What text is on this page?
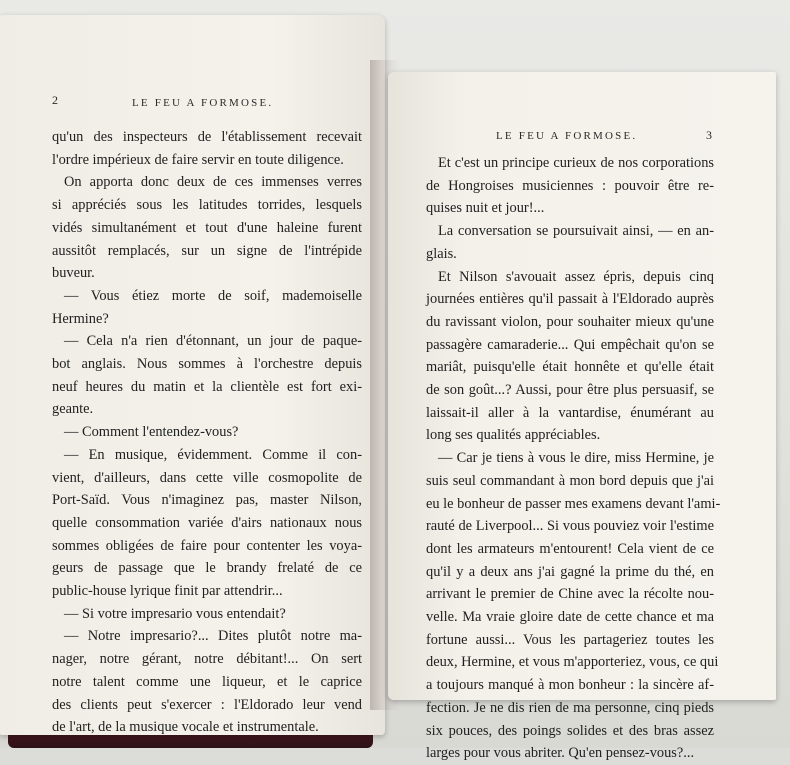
2	LE FEU A FORMOSE.
qu'un des inspecteurs de l'établissement recevait
l'ordre impérieux de faire servir en toute diligence.
On apporta donc deux de ces immenses verres
si appréciés sous les latitudes torrides, lesquels
vidés simultanément et tout d'une haleine furent
aussitôt remplacés, sur un signe de l'intrépide
buveur.
— Vous étiez morte de soif, mademoiselle
Hermine?
— Cela n'a rien d'étonnant, un jour de paque-
bot anglais. Nous sommes à l'orchestre depuis
neuf heures du matin et la clientèle est fort exi-
geante.
— Comment l'entendez-vous?
— En musique, évidemment. Comme il con-
vient, d'ailleurs, dans cette ville cosmopolite de
Port-Saïd. Vous n'imaginez pas, master Nilson,
quelle consommation variée d'airs nationaux nous
sommes obligées de faire pour contenter les voya-
geurs de passage que le brandy frelaté de ce
public-house lyrique finit par attendrir...
— Si votre impresario vous entendait?
— Notre impresario?... Dites plutôt notre ma-
nager, notre gérant, notre débitant!... On sert
notre talent comme une liqueur, et le caprice
des clients peut s'exercer : l'Eldorado leur vend
de l'art, de la musique vocale et instrumentale.
LE FEU A FORMOSE.	3
Et c'est un principe curieux de nos corporations
de Hongroises musiciennes : pouvoir être re-
quises nuit et jour!...
La conversation se poursuivait ainsi, — en an-
glais.
Et Nilson s'avouait assez épris, depuis cinq
journées entières qu'il passait à l'Eldorado auprès
du ravissant violon, pour souhaiter mieux qu'une
passagère camaraderie... Qui empêchait qu'on se
mariât, puisqu'elle était honnête et qu'elle était
de son goût...? Aussi, pour être plus persuasif, se
laissait-il aller à la vantardise, énumérant au
long ses qualités appréciables.
— Car je tiens à vous le dire, miss Hermine, je
suis seul commandant à mon bord depuis que j'ai
eu le bonheur de passer mes examens devant l'ami-
rauté de Liverpool... Si vous pouviez voir l'estime
dont les armateurs m'entourent! Cela vient de ce
qu'il y a deux ans j'ai gagné la prime du thé, en
arrivant le premier de Chine avec la récolte nou-
velle. Ma vraie gloire date de cette chance et ma
fortune aussi... Vous les partageriez toutes les
deux, Hermine, et vous m'apporteriez, vous, ce qui
a toujours manqué à mon bonheur : la sincère af-
fection. Je ne dis rien de ma personne, cinq pieds
six pouces, des poings solides et des bras assez
larges pour vous abriter. Qu'en pensez-vous?...
